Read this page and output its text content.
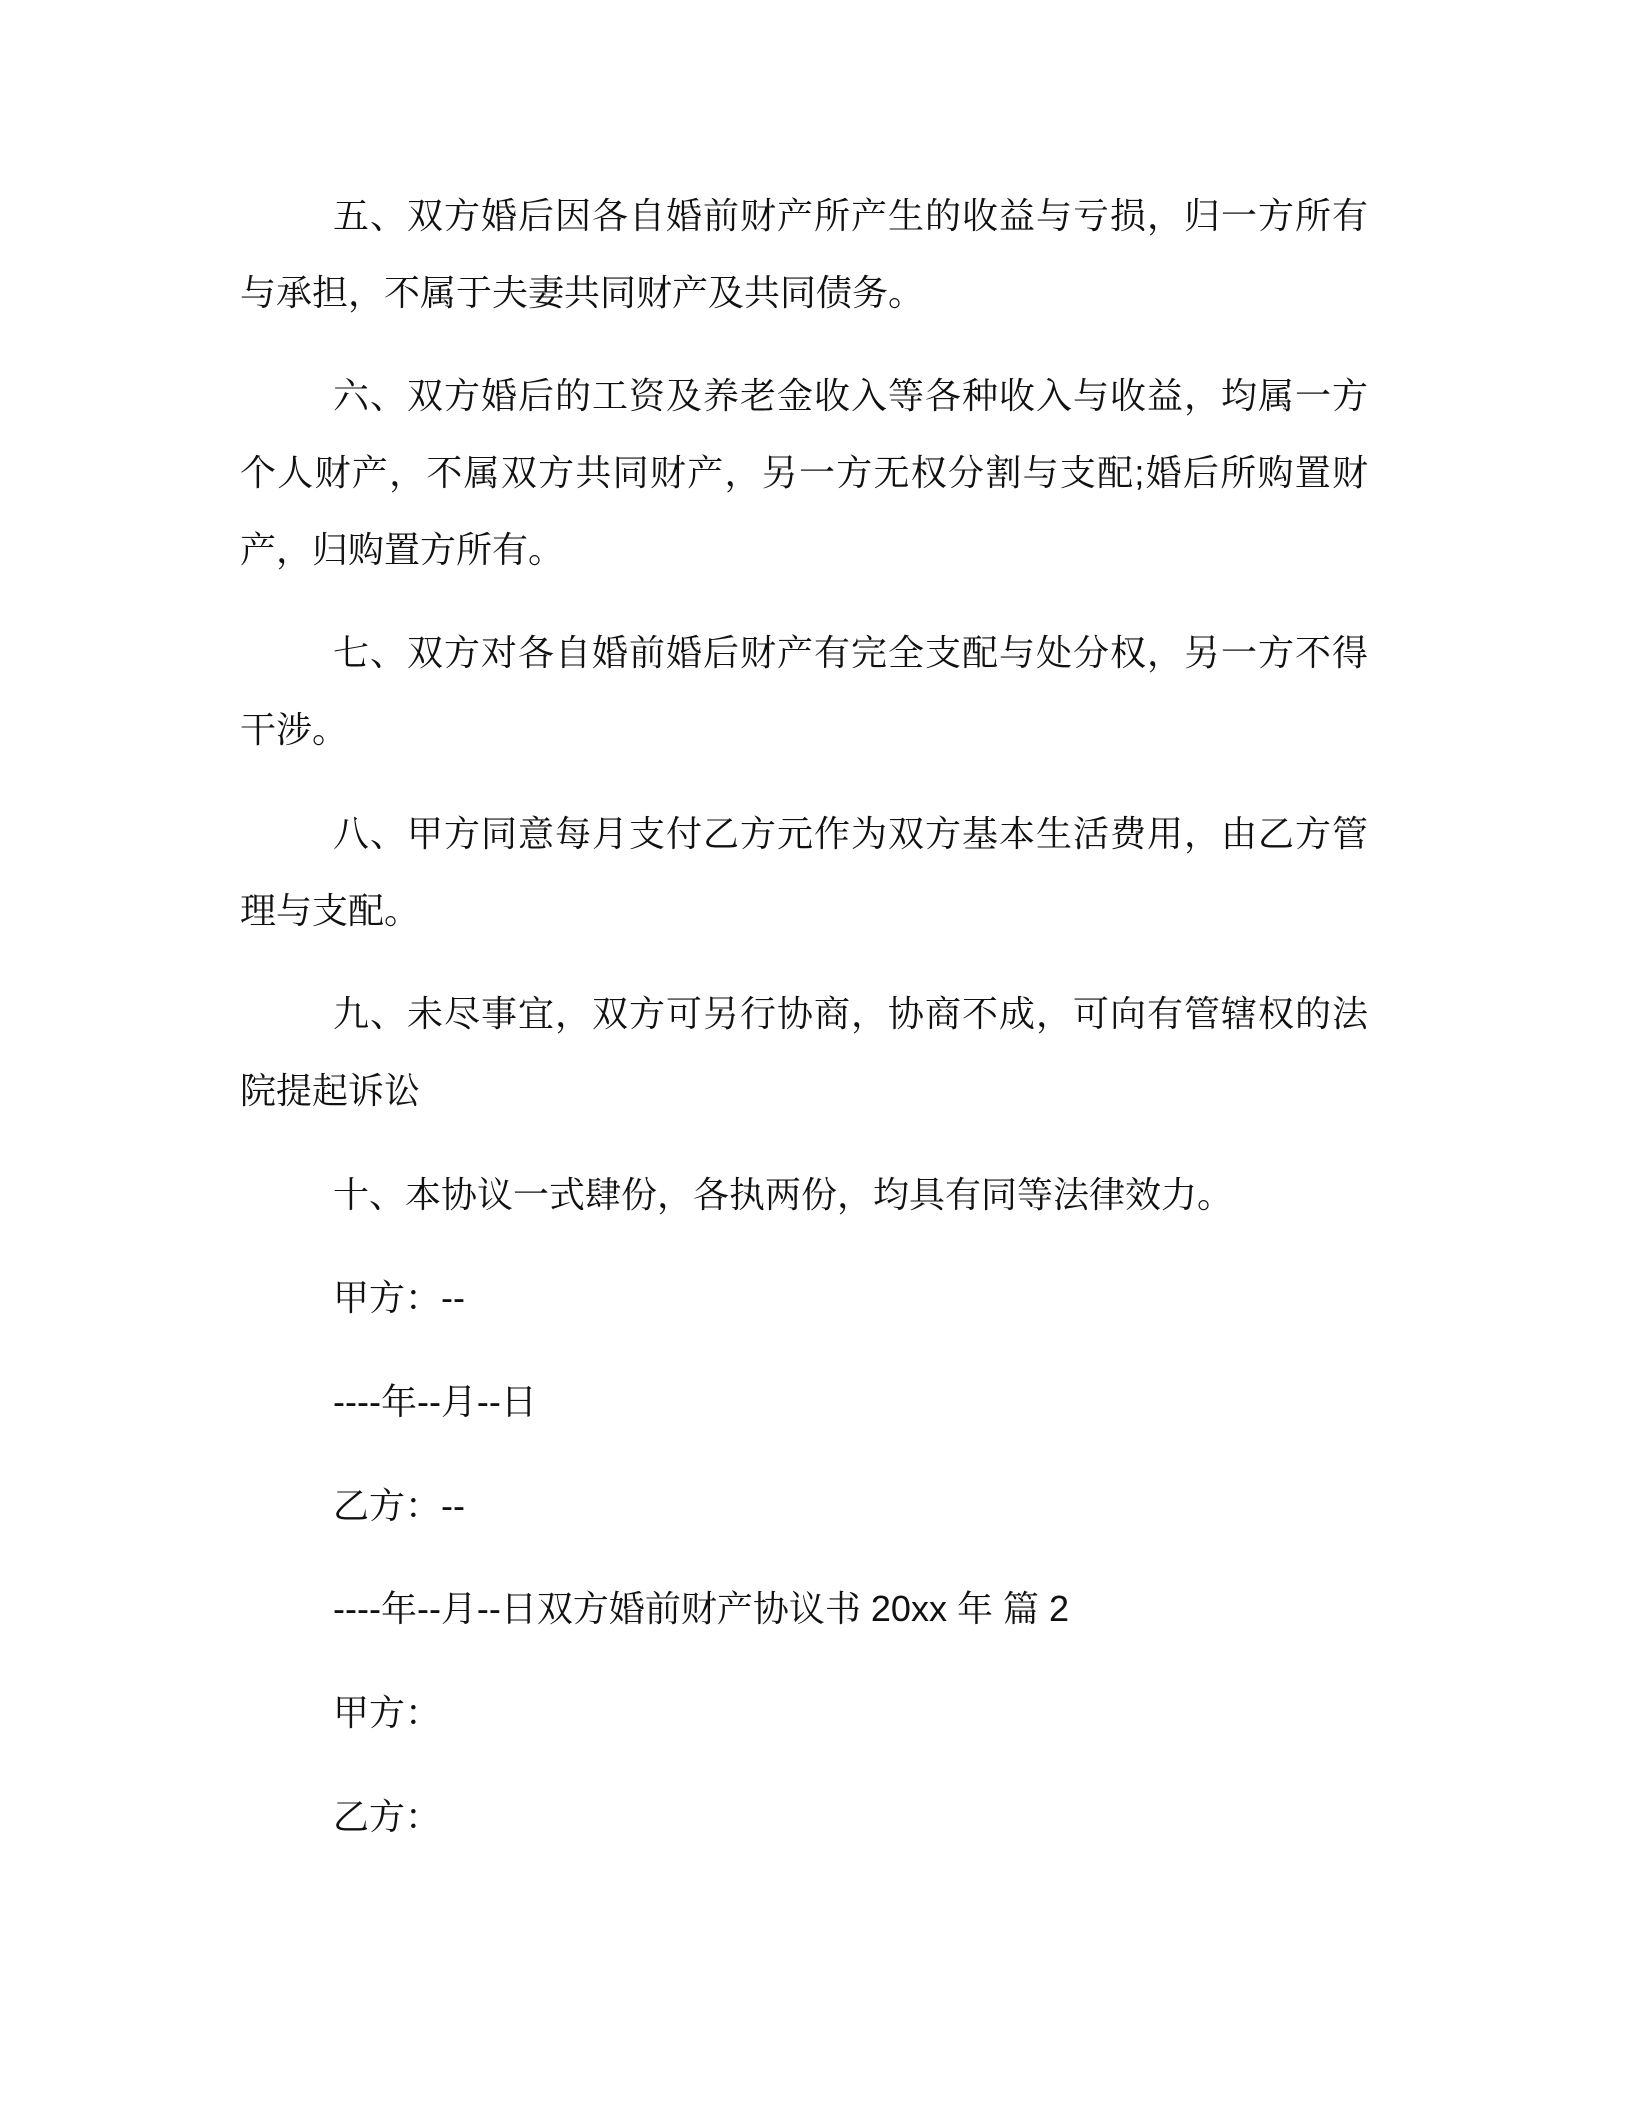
五、双方婚后因各自婚前财产所产生的收益与亏损，归一方所有
与承担，不属于夫妻共同财产及共同债务。
六、双方婚后的工资及养老金收入等各种收入与收益，均属一方
个人财产，不属双方共同财产，另一方无权分割与支配;婚后所购置财
产，归购置方所有。
七、双方对各自婚前婚后财产有完全支配与处分权，另一方不得
干涉。
八、甲方同意每月支付乙方元作为双方基本生活费用，由乙方管
理与支配。
九、未尽事宜，双方可另行协商，协商不成，可向有管辖权的法
院提起诉讼
十、本协议一式肆份，各执两份，均具有同等法律效力。
甲方：--
----年--月--日
乙方：--
----年--月--日双方婚前财产协议书 20xx 年 篇 2
甲方：
乙方：
